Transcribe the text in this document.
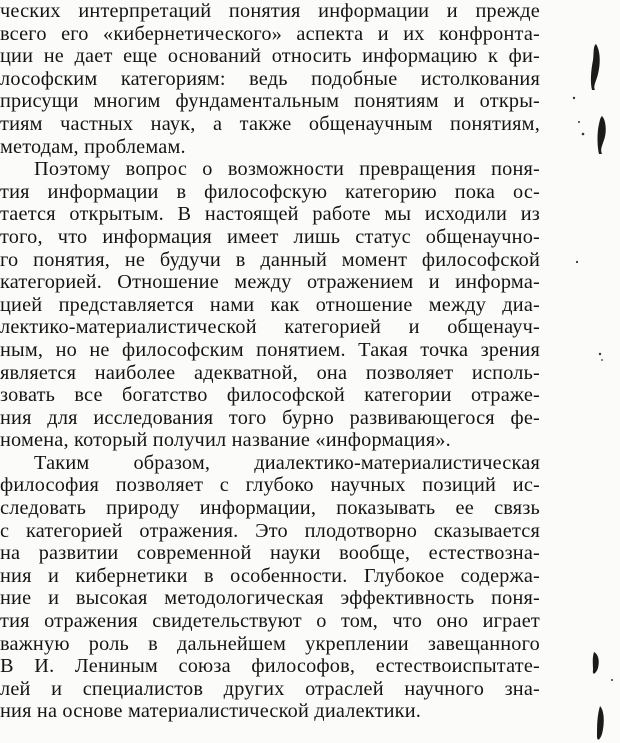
ческих интерпретаций понятия информации и прежде
всего его «кибернетического» аспекта и их конфронта-
ции не дает еще оснований относить информацию к фи-
лософским категориям: ведь подобные истолкования
присущи многим фундаментальным понятиям и откры-
тиям частных наук, а также общенаучным понятиям,
методам, проблемам.
Поэтому вопрос о возможности превращения поня-
тия информации в философскую категорию пока ос-
тается открытым. В настоящей работе мы исходили из
того, что информация имеет лишь статус общенаучно-
го понятия, не будучи в данный момент философской
категорией. Отношение между отражением и информа-
цией представляется нами как отношение между диа-
лектико-материалистической категорией и общенауч-
ным, но не философским понятием. Такая точка зрения
является наиболее адекватной, она позволяет исполь-
зовать все богатство философской категории отраже-
ния для исследования того бурно развивающегося фе-
номена, который получил название «информация».
Таким образом, диалектико-материалистическая
философия позволяет с глубоко научных позиций ис-
следовать природу информации, показывать ее связь
с категорией отражения. Это плодотворно сказывается
на развитии современной науки вообще, естествозна-
ния и кибернетики в особенности. Глубокое содержа-
ние и высокая методологическая эффективность поня-
тия отражения свидетельствуют о том, что оно играет
важную роль в дальнейшем укреплении завещанного
В И. Лениным союза философов, естествоиспытате-
лей и специалистов других отраслей научного зна-
ния на основе материалистической диалектики.
